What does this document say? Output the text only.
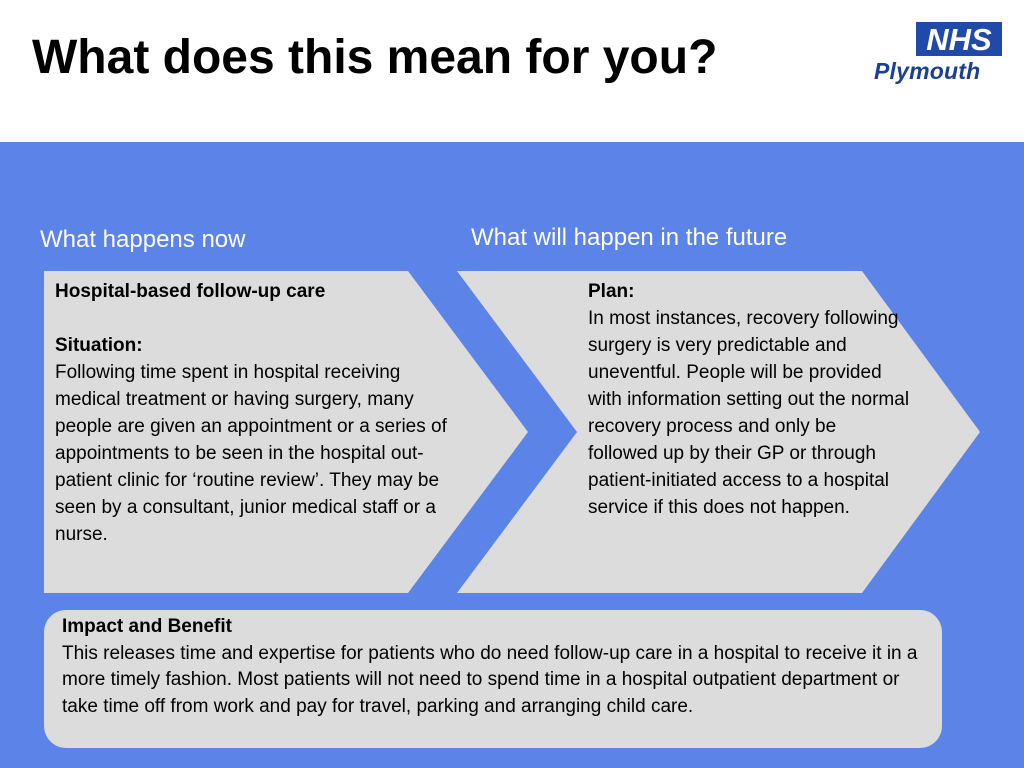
What does this mean for you?	NHS
Plymouth
What happens now	What will happen in the future
Hospital-based follow-up care
Situation:
Following time spent in hospital receiving medical treatment or having surgery, many people are given an appointment or a series of appointments to be seen in the hospital out-patient clinic for ‘routine review’. They may be seen by a consultant, junior medical staff or a nurse.
Plan:
In most instances, recovery following surgery is very predictable and uneventful. People will be provided with information setting out the normal recovery process and only be followed up by their GP or through patient-initiated access to a hospital service if this does not happen.
Impact and Benefit
This releases time and expertise for patients who do need follow-up care in a hospital to receive it in a more timely fashion. Most patients will not need to spend time in a hospital outpatient department or take time off from work and pay for travel, parking and arranging child care.
